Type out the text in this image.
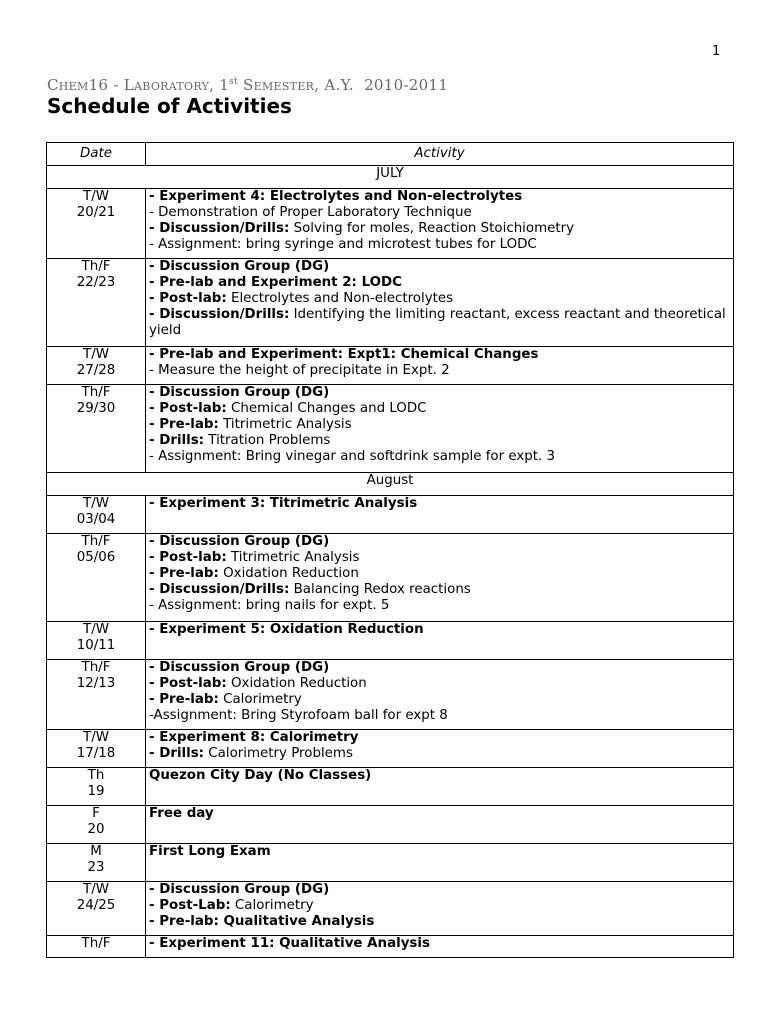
1
Chem16 - Laboratory, 1st Semester, A.Y. 2010-2011
Schedule of Activities
Date	Activity
JULY	

T/W
20/21	- Experiment 4: Electrolytes and Non-electrolytes
- Demonstration of Proper Laboratory Technique
- Discussion/Drills: Solving for moles, Reaction Stoichiometry
- Assignment: bring syringe and microtest tubes for LODC

Th/F
22/23	- Discussion Group (DG)
- Pre-lab and Experiment 2: LODC
- Post-lab: Electrolytes and Non-electrolytes
- Discussion/Drills: Identifying the limiting reactant, excess reactant and theoretical yield

T/W
27/28	- Pre-lab and Experiment: Expt1: Chemical Changes
- Measure the height of precipitate in Expt. 2

Th/F
29/30	- Discussion Group (DG)
- Post-lab: Chemical Changes and LODC
- Pre-lab: Titrimetric Analysis
- Drills: Titration Problems
- Assignment: Bring vinegar and softdrink sample for expt. 3

August	

T/W
03/04	- Experiment 3: Titrimetric Analysis

Th/F
05/06	- Discussion Group (DG)
- Post-lab: Titrimetric Analysis
- Pre-lab: Oxidation Reduction
- Discussion/Drills: Balancing Redox reactions
- Assignment: bring nails for expt. 5

T/W
10/11	- Experiment 5: Oxidation Reduction

Th/F
12/13	- Discussion Group (DG)
- Post-lab: Oxidation Reduction
- Pre-lab: Calorimetry
-Assignment: Bring Styrofoam ball for expt 8

T/W
17/18	- Experiment 8: Calorimetry
- Drills: Calorimetry Problems

Th
19	Quezon City Day (No Classes)

F
20	Free day

M
23	First Long Exam

T/W
24/25	- Discussion Group (DG)
- Post-Lab: Calorimetry
- Pre-lab: Qualitative Analysis

Th/F	- Experiment 11: Qualitative Analysis
